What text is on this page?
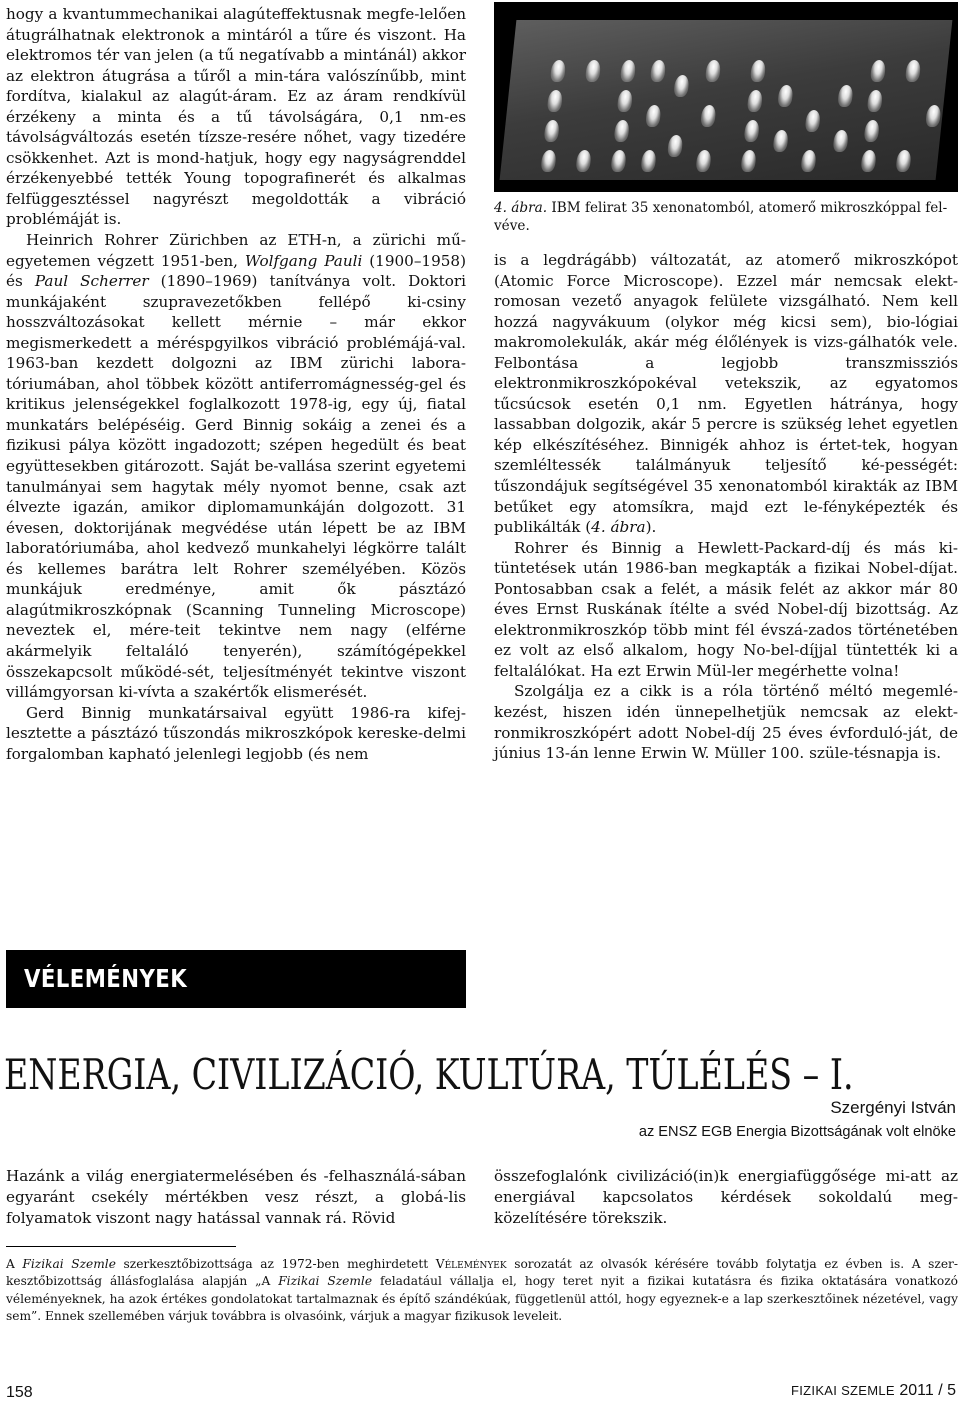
hogy a kvantummechanikai alagúteffektusnak megfe-lelően átugrálhatnak elektronok a mintáról a tűre és viszont. Ha elektromos tér van jelen (a tű negatívabb a mintánál) akkor az elektron átugrása a tűről a min-tára valószínűbb, mint fordítva, kialakul az alagút-áram. Ez az áram rendkívül érzékeny a minta és a tű távolságára, 0,1 nm-es távolságváltozás esetén tízsze-resére nőhet, vagy tizedére csökkenhet. Azt is mond-hatjuk, hogy egy nagyságrenddel érzékenyebbé tették Young topografinerét és alkalmas felfüggesztéssel nagyrészt megoldották a vibráció problémáját is.

Heinrich Rohrer Zürichben az ETH-n, a zürichi mű-egyetemen végzett 1951-ben, Wolfgang Pauli (1900–1958) és Paul Scherrer (1890–1969) tanítványa volt. Doktori munkájaként szupravezetőkben fellépő ki-csiny hosszváltozásokat kellett mérnie – már ekkor megismerkedett a méréspgyilkos vibráció problémájá-val. 1963-ban kezdett dolgozni az IBM zürichi labora-tóriumában, ahol többek között antiferromágnesség-gel és kritikus jelenségekkel foglalkozott 1978-ig, egy új, fiatal munkatárs belépéséig. Gerd Binnig sokáig a zenei és a fizikusi pálya között ingadozott; szépen hegedült és beat együttesekben gitározott. Saját be-vallása szerint egyetemi tanulmányai sem hagytak mély nyomot benne, csak azt élvezte igazán, amikor diplomamunkáján dolgozott. 31 évesen, doktorijának megvédése után lépett be az IBM laboratóriumába, ahol kedvező munkahelyi légkörre talált és kellemes barátra lelt Rohrer személyében. Közös munkájuk eredménye, amit ők pásztázó alagútmikroszkópnak (Scanning Tunneling Microscope) neveztek el, mére-teit tekintve nem nagy (elférne akármelyik feltaláló tenyerén), számítógépekkel összekapcsolt működé-sét, teljesítményét tekintve viszont villámgyorsan ki-vívta a szakértők elismerését.

Gerd Binnig munkatársaival együtt 1986-ra kifej-lesztette a pásztázó tűszondás mikroszkópok kereske-delmi forgalomban kapható jelenlegi legjobb (és nem

4. ábra. IBM felirat 35 xenonatomból, atomerő mikroszkóppal fel-véve.

is a legdrágább) változatát, az atomerő mikroszkópot (Atomic Force Microscope). Ezzel már nemcsak elekt-romosan vezető anyagok felülete vizsgálható. Nem kell hozzá nagyvákuum (olykor még kicsi sem), bio-lógiai makromolekulák, akár még élőlények is vizs-gálhatók vele. Felbontása a legjobb transzmissziós elektronmikroszkópokéval vetekszik, az egyatomos tűcsúcsok esetén 0,1 nm. Egyetlen hátránya, hogy lassabban dolgozik, akár 5 percre is szükség lehet egyetlen kép elkészítéséhez. Binnigék ahhoz is értet-tek, hogyan szemléltessék találmányuk teljesítő ké-pességét: tűszondájuk segítségével 35 xenonatomból kirakták az IBM betűket egy atomsíkra, majd ezt le-fényképezték és publikálták (4. ábra).

Rohrer és Binnig a Hewlett-Packard-díj és más ki-tüntetések után 1986-ban megkapták a fizikai Nobel-díjat. Pontosabban csak a felét, a másik felét az akkor már 80 éves Ernst Ruskának ítélte a svéd Nobel-díj bizottság. Az elektronmikroszkóp több mint fél évszá-zados történetében ez volt az első alkalom, hogy No-bel-díjjal tüntették ki a feltalálókat. Ha ezt Erwin Mül-ler megérhette volna!

Szolgálja ez a cikk is a róla történő méltó megemlé-kezést, hiszen idén ünnepelhetjük nemcsak az elekt-ronmikroszkópért adott Nobel-díj 25 éves évforduló-ját, de június 13-án lenne Erwin W. Müller 100. szüle-tésnapja is.

VÉLEMÉNYEK
ENERGIA, CIVILIZÁCIÓ, KULTÚRA, TÚLÉLÉS – I.
Szergényi István
az ENSZ EGB Energia Bizottságának volt elnöke
Hazánk a világ energiatermelésében és -felhasználá-sában egyaránt csekély mértékben vesz részt, a globá-lis folyamatok viszont nagy hatással vannak rá. Rövid
összefoglalónk civilizáció(in)k energiafüggősége mi-att az energiával kapcsolatos kérdések sokoldalú meg-közelítésére törekszik.
A Fizikai Szemle szerkesztőbizottsága az 1972-ben meghirdetett Vélemények sorozatát az olvasók kérésére tovább folytatja ez évben is. A szer-kesztőbizottság állásfoglalása alapján „A Fizikai Szemle feladatául vállalja el, hogy teret nyit a fizikai kutatásra és fizika oktatására vonatkozó véleményeknek, ha azok értékes gondolatokat tartalmaznak és építő szándékúak, függetlenül attól, hogy egyeznek-e a lap szerkesztőinek nézetével, vagy sem”. Ennek szellemében várjuk továbbra is olvasóink, várjuk a magyar fizikusok leveleit.
158	FIZIKAI SZEMLE 2011 / 5
